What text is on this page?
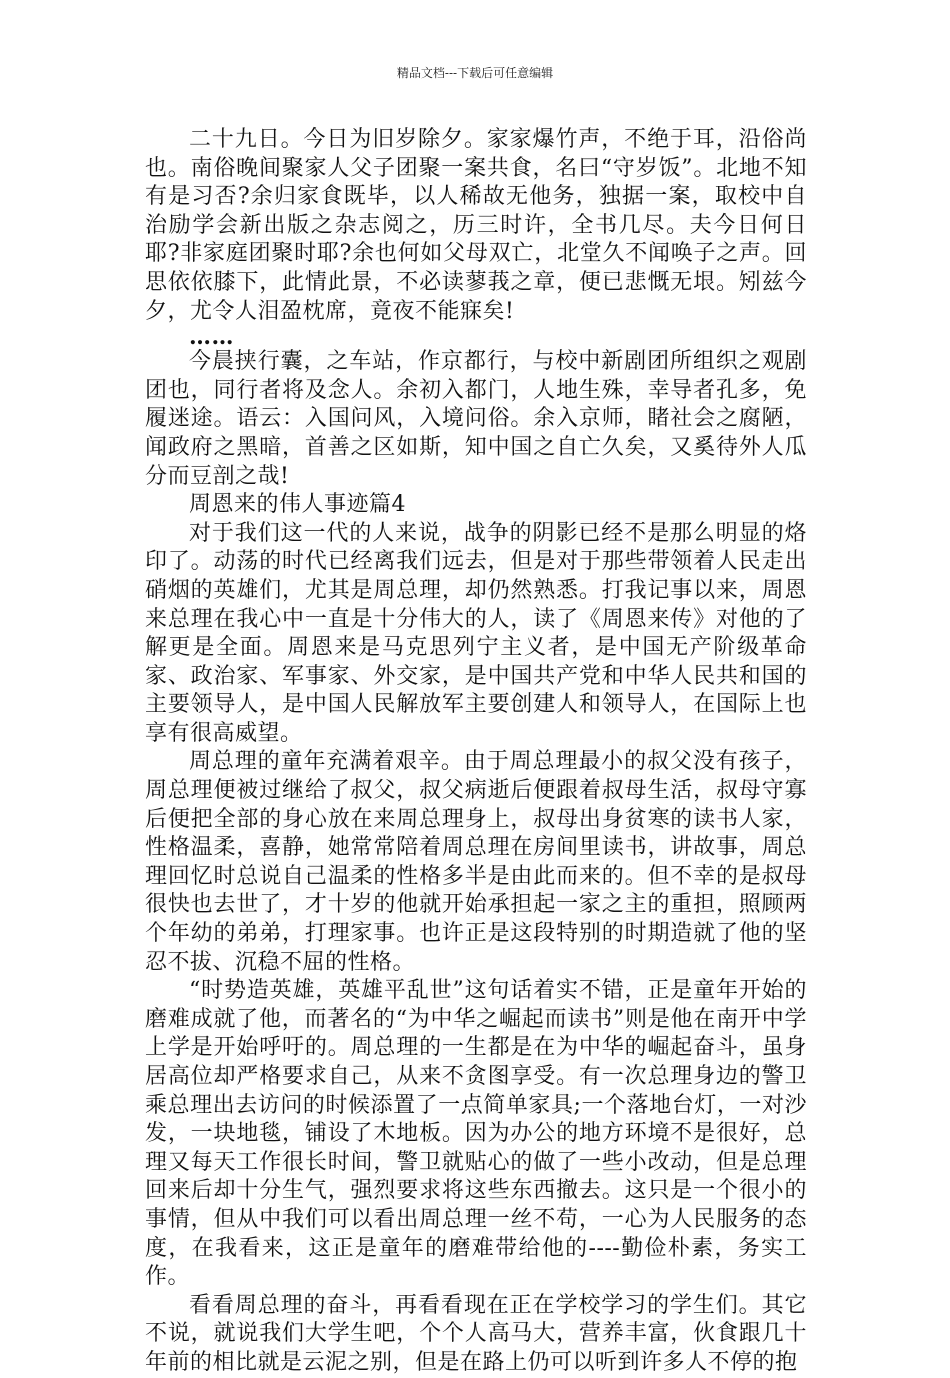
精品文档---下载后可任意编辑

二十九日。今日为旧岁除夕。家家爆竹声，不绝于耳，沿俗尚也。南俗晚间聚家人父子团聚一案共食，名曰“守岁饭”。北地不知有是习否?余归家食既毕，以人稀故无他务，独据一案，取校中自治励学会新出版之杂志阅之，历三时许，全书几尽。夫今日何日耶?非家庭团聚时耶?余也何如父母双亡，北堂久不闻唤子之声。回思依依膝下，此情此景，不必读蓼莪之章，便已悲慨无垠。矧兹今夕，尤令人泪盈枕席，竟夜不能寐矣!

……

今晨挟行囊，之车站，作京都行，与校中新剧团所组织之观剧团也，同行者将及念人。余初入都门，人地生殊，幸导者孔多，免履迷途。语云：入国问风，入境问俗。余入京师，睹社会之腐陋，闻政府之黑暗，首善之区如斯，知中国之自亡久矣，又奚待外人瓜分而豆剖之哉!

周恩来的伟人事迹篇4

对于我们这一代的人来说，战争的阴影已经不是那么明显的烙印了。动荡的时代已经离我们远去，但是对于那些带领着人民走出硝烟的英雄们，尤其是周总理，却仍然熟悉。打我记事以来，周恩来总理在我心中一直是十分伟大的人，读了《周恩来传》对他的了解更是全面。周恩来是马克思列宁主义者，是中国无产阶级革命家、政治家、军事家、外交家，是中国共产党和中华人民共和国的主要领导人，是中国人民解放军主要创建人和领导人，在国际上也享有很高威望。

周总理的童年充满着艰辛。由于周总理最小的叔父没有孩子，周总理便被过继给了叔父，叔父病逝后便跟着叔母生活，叔母守寡后便把全部的身心放在来周总理身上，叔母出身贫寒的读书人家，性格温柔，喜静，她常常陪着周总理在房间里读书，讲故事，周总理回忆时总说自己温柔的性格多半是由此而来的。但不幸的是叔母很快也去世了，才十岁的他就开始承担起一家之主的重担，照顾两个年幼的弟弟，打理家事。也许正是这段特别的时期造就了他的坚忍不拔、沉稳不屈的性格。

“时势造英雄，英雄平乱世”这句话着实不错，正是童年开始的磨难成就了他，而著名的“为中华之崛起而读书”则是他在南开中学上学是开始呼吁的。周总理的一生都是在为中华的崛起奋斗，虽身居高位却严格要求自己，从来不贪图享受。有一次总理身边的警卫乘总理出去访问的时候添置了一点简单家具;一个落地台灯，一对沙发，一块地毯，铺设了木地板。因为办公的地方环境不是很好，总理又每天工作很长时间，警卫就贴心的做了一些小改动，但是总理回来后却十分生气，强烈要求将这些东西撤去。这只是一个很小的事情，但从中我们可以看出周总理一丝不苟，一心为人民服务的态度，在我看来，这正是童年的磨难带给他的----勤俭朴素，务实工作。

看看周总理的奋斗，再看看现在正在学校学习的学生们。其它不说，就说我们大学生吧，个个人高马大，营养丰富，伙食跟几十年前的相比就是云泥之别，但是在路上仍可以听到许多人不停的抱
